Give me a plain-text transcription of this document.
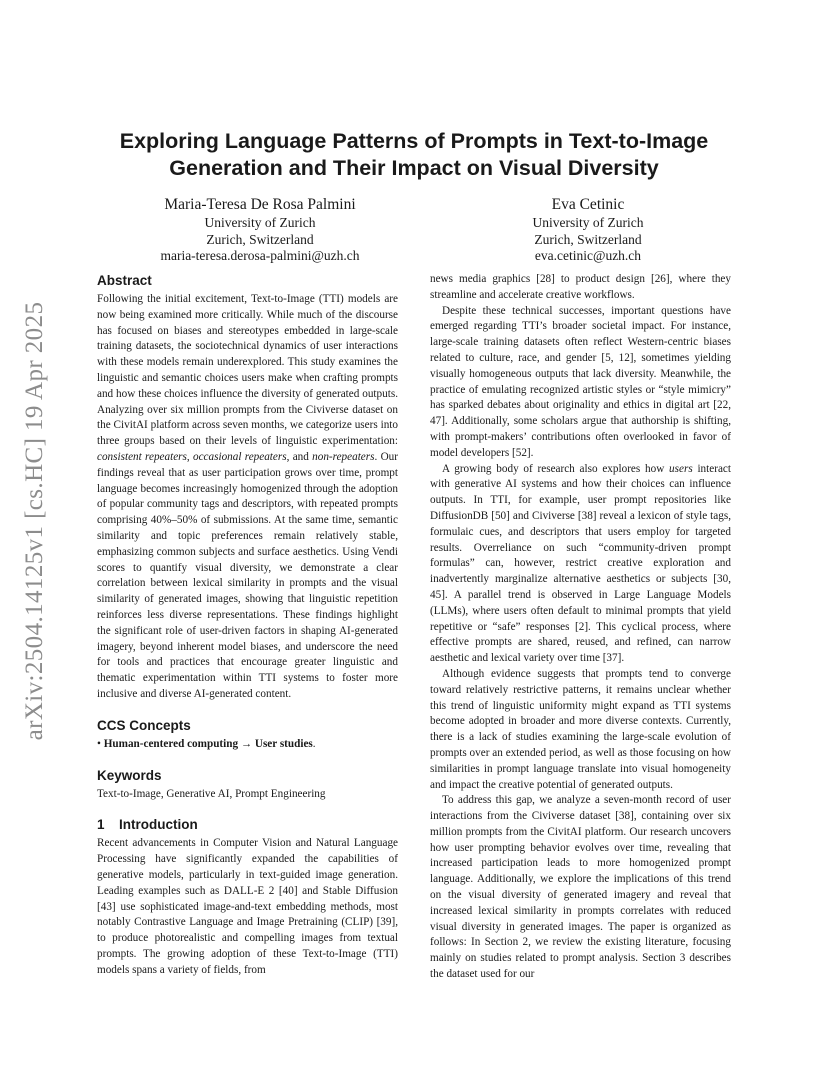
arXiv:2504.14125v1 [cs.HC] 19 Apr 2025
Exploring Language Patterns of Prompts in Text-to-Image Generation and Their Impact on Visual Diversity
Maria-Teresa De Rosa Palmini
University of Zurich
Zurich, Switzerland
maria-teresa.derosa-palmini@uzh.ch
Eva Cetinic
University of Zurich
Zurich, Switzerland
eva.cetinic@uzh.ch
Abstract

Following the initial excitement, Text-to-Image (TTI) models are now being examined more critically. While much of the discourse has focused on biases and stereotypes embedded in large-scale training datasets, the sociotechnical dynamics of user interactions with these models remain underexplored. This study examines the linguistic and semantic choices users make when crafting prompts and how these choices influence the diversity of generated outputs. Analyzing over six million prompts from the Civiverse dataset on the CivitAI platform across seven months, we categorize users into three groups based on their levels of linguistic experimentation: consistent repeaters, occasional repeaters, and non-repeaters. Our findings reveal that as user participation grows over time, prompt language becomes increasingly homogenized through the adoption of popular community tags and descriptors, with repeated prompts comprising 40%–50% of submissions. At the same time, semantic similarity and topic preferences remain relatively stable, emphasizing common subjects and surface aesthetics. Using Vendi scores to quantify visual diversity, we demonstrate a clear correlation between lexical similarity in prompts and the visual similarity of generated images, showing that linguistic repetition reinforces less diverse representations. These findings highlight the significant role of user-driven factors in shaping AI-generated imagery, beyond inherent model biases, and underscore the need for tools and practices that encourage greater linguistic and thematic experimentation within TTI systems to foster more inclusive and diverse AI-generated content.

CCS Concepts

• Human-centered computing → User studies.

Keywords

Text-to-Image, Generative AI, Prompt Engineering

1 Introduction

Recent advancements in Computer Vision and Natural Language Processing have significantly expanded the capabilities of generative models, particularly in text-guided image generation. Leading examples such as DALL-E 2 [40] and Stable Diffusion [43] use sophisticated image-and-text embedding methods, most notably Contrastive Language and Image Pretraining (CLIP) [39], to produce photorealistic and compelling images from textual prompts. The growing adoption of these Text-to-Image (TTI) models spans a variety of fields, from

news media graphics [28] to product design [26], where they streamline and accelerate creative workflows.

Despite these technical successes, important questions have emerged regarding TTI’s broader societal impact. For instance, large-scale training datasets often reflect Western-centric biases related to culture, race, and gender [5, 12], sometimes yielding visually homogeneous outputs that lack diversity. Meanwhile, the practice of emulating recognized artistic styles or “style mimicry” has sparked debates about originality and ethics in digital art [22, 47]. Additionally, some scholars argue that authorship is shifting, with prompt-makers’ contributions often overlooked in favor of model developers [52].

A growing body of research also explores how users interact with generative AI systems and how their choices can influence outputs. In TTI, for example, user prompt repositories like DiffusionDB [50] and Civiverse [38] reveal a lexicon of style tags, formulaic cues, and descriptors that users employ for targeted results. Overreliance on such “community-driven prompt formulas” can, however, restrict creative exploration and inadvertently marginalize alternative aesthetics or subjects [30, 45]. A parallel trend is observed in Large Language Models (LLMs), where users often default to minimal prompts that yield repetitive or “safe” responses [2]. This cyclical process, where effective prompts are shared, reused, and refined, can narrow aesthetic and lexical variety over time [37].

Although evidence suggests that prompts tend to converge toward relatively restrictive patterns, it remains unclear whether this trend of linguistic uniformity might expand as TTI systems become adopted in broader and more diverse contexts. Currently, there is a lack of studies examining the large-scale evolution of prompts over an extended period, as well as those focusing on how similarities in prompt language translate into visual homogeneity and impact the creative potential of generated outputs.

To address this gap, we analyze a seven-month record of user interactions from the Civiverse dataset [38], containing over six million prompts from the CivitAI platform. Our research uncovers how user prompting behavior evolves over time, revealing that increased participation leads to more homogenized prompt language. Additionally, we explore the implications of this trend on the visual diversity of generated imagery and reveal that increased lexical similarity in prompts correlates with reduced visual diversity in generated images. The paper is organized as follows: In Section 2, we review the existing literature, focusing mainly on studies related to prompt analysis. Section 3 describes the dataset used for our
